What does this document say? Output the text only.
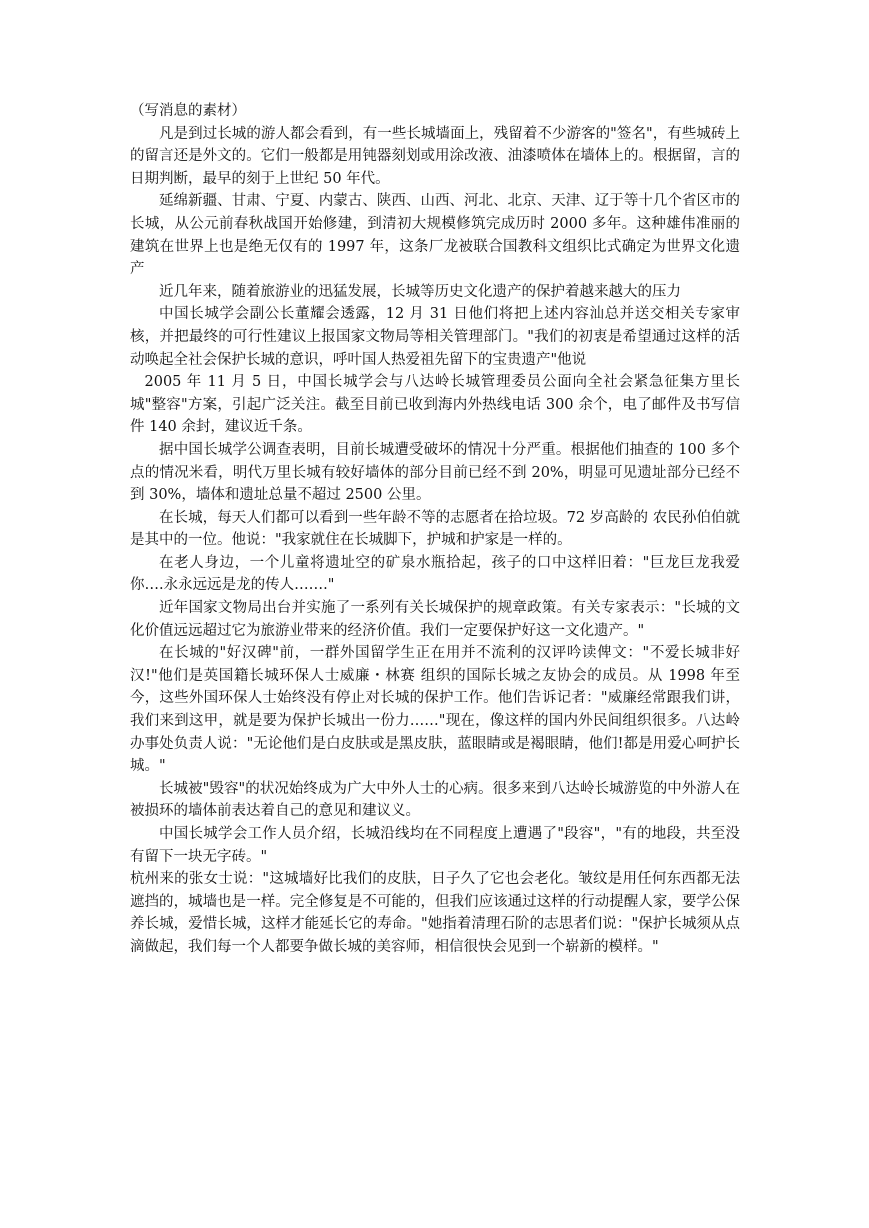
（写消息的素材）

凡是到过长城的游人都会看到，有一些长城墙面上，残留着不少游客的"签名"，有些城砖上的留言还是外文的。它们一般都是用钝器刻划或用涂改液、油漆喷体在墙体上的。根据留，言的日期判断，最早的刻于上世纪 50 年代。

延绵新疆、甘肃、宁夏、内蒙古、陕西、山西、河北、北京、天津、辽于等十几个省区市的长城，从公元前春秋战国开始修建，到清初大规模修筑完成历时 2000 多年。这种雄伟准丽的建筑在世界上也是绝无仅有的 1997 年，这条厂龙被联合国教科文组织比式确定为世界文化遗产

近几年来，随着旅游业的迅猛发展，长城等历史文化遗产的保护着越来越大的压力

中国长城学会副公长董耀会透露，12 月 31 日他们将把上述内容汕总并送交相关专家审核，并把最终的可行性建议上报国家文物局等相关管理部门。"我们的初衷是希望通过这样的活动唤起全社会保护长城的意识，呼叶国人热爱祖先留下的宝贵遗产"他说

2005 年 11 月 5 日，中国长城学会与八达岭长城管理委员公面向全社会紧急征集方里长城"整容"方案，引起广泛关注。截至目前已收到海内外热线电话 300 余个，电了邮件及书写信件 140 余封，建议近千条。

据中国长城学公调查表明，目前长城遭受破坏的情况十分严重。根据他们抽查的 100 多个点的情况米看，明代万里长城有较好墙体的部分目前已经不到 20%，明显可见遗址部分已经不到 30%，墙体和遗址总量不超过 2500 公里。

在长城，每天人们都可以看到一些年龄不等的志愿者在拾垃圾。72 岁高龄的 农民孙伯伯就是其中的一位。他说："我家就住在长城脚下，护城和护家是一样的。

在老人身边，一个儿童将遗址空的矿泉水瓶拾起，孩子的口中这样旧着："巨龙巨龙我爱你….永永远远是龙的传人……."

近年国家文物局出台并实施了一系列有关长城保护的规章政策。有关专家表示："长城的文化价值远远超过它为旅游业带来的经济价值。我们一定要保护好这一文化遗产。"

在长城的"好汉碑"前，一群外国留学生正在用并不流利的汉评吟读俾文："不爱长城非好汉!"他们是英国籍长城环保人士威廉・林赛 组织的国际长城之友协会的成员。从 1998 年至今，这些外国环保人士始终没有停止对长城的保护工作。他们告诉记者："威廉经常跟我们讲，我们来到这甲，就是要为保护长城出一份力……"现在，像这样的国内外民间组织很多。八达岭办事处负责人说："无论他们是白皮肤或是黑皮肤，蓝眼睛或是褐眼睛，他们!都是用爱心呵护长城。"

长城被"毁容"的状况始终成为广大中外人士的心病。很多来到八达岭长城游览的中外游人在被损环的墙体前表达着自己的意见和建议义。

中国长城学会工作人员介绍，长城沿线均在不同程度上遭遇了"段容"，"有的地段，共至没有留下一块无字砖。"

杭州来的张女士说："这城墙好比我们的皮肤，日子久了它也会老化。皱纹是用任何东西都无法遮挡的，城墙也是一样。完全修复是不可能的，但我们应该通过这样的行动提醒人家，要学公保养长城，爱惜长城，这样才能延长它的寿命。"她指着清理石阶的志思者们说："保护长城须从点滴做起，我们每一个人都要争做长城的美容师，相信很快会见到一个崭新的模样。"
